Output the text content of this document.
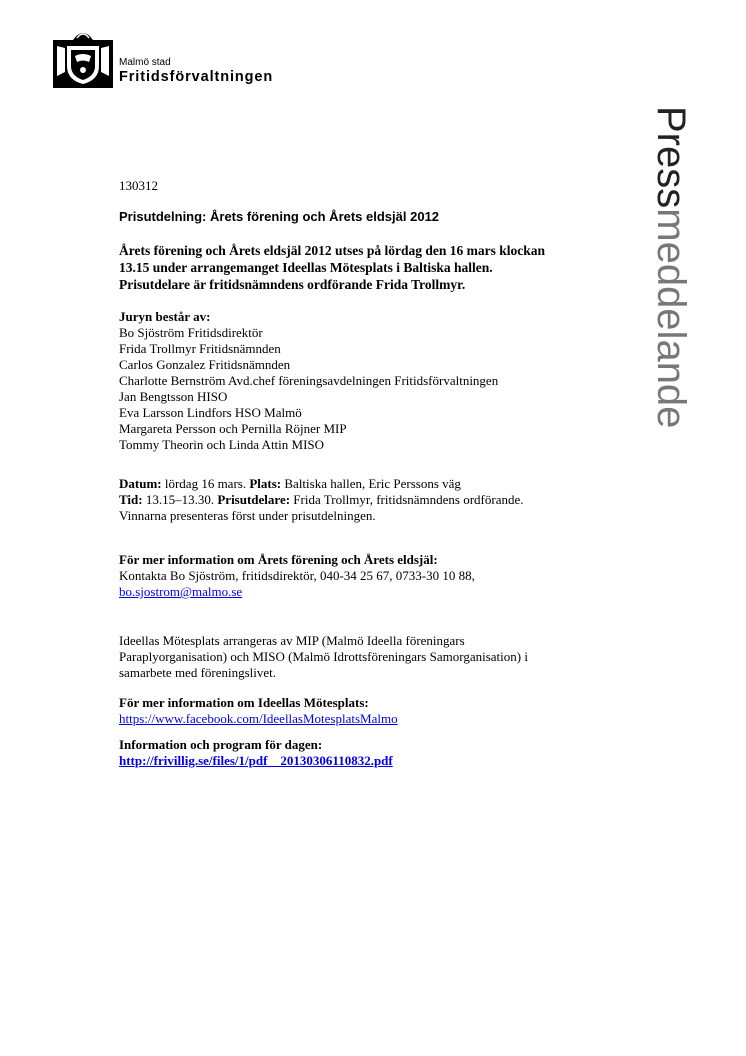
Malmö stad
Fritidsförvaltningen
Pressmeddelande

130312

Prisutdelning: Årets förening och Årets eldsjäl 2012

Årets förening och Årets eldsjäl 2012 utses på lördag den 16 mars klockan
13.15 under arrangemanget Ideellas Mötesplats i Baltiska hallen.
Prisutdelare är fritidsnämndens ordförande Frida Trollmyr.

Juryn består av:

Bo Sjöström Fritidsdirektör
Frida Trollmyr Fritidsnämnden
Carlos Gonzalez Fritidsnämnden
Charlotte Bernström Avd.chef föreningsavdelningen Fritidsförvaltningen
Jan Bengtsson HISO
Eva Larsson Lindfors HSO Malmö
Margareta Persson och Pernilla Röjner MIP
Tommy Theorin och Linda Attin MISO

Datum: lördag 16 mars. Plats: Baltiska hallen, Eric Perssons väg
Tid: 13.15–13.30. Prisutdelare: Frida Trollmyr, fritidsnämndens ordförande.
Vinnarna presenteras först under prisutdelningen.

För mer information om Årets förening och Årets eldsjäl:

Kontakta Bo Sjöström, fritidsdirektör, 040-34 25 67, 0733-30 10 88,
bo.sjostrom@malmo.se

Ideellas Mötesplats arrangeras av MIP (Malmö Ideella föreningars
Paraplyorganisation) och MISO (Malmö Idrottsföreningars Samorganisation) i
samarbete med föreningslivet.

För mer information om Ideellas Mötesplats:

https://www.facebook.com/IdeellasMotesplatsMalmo

Information och program för dagen:

http://frivillig.se/files/1/pdf__20130306110832.pdf
